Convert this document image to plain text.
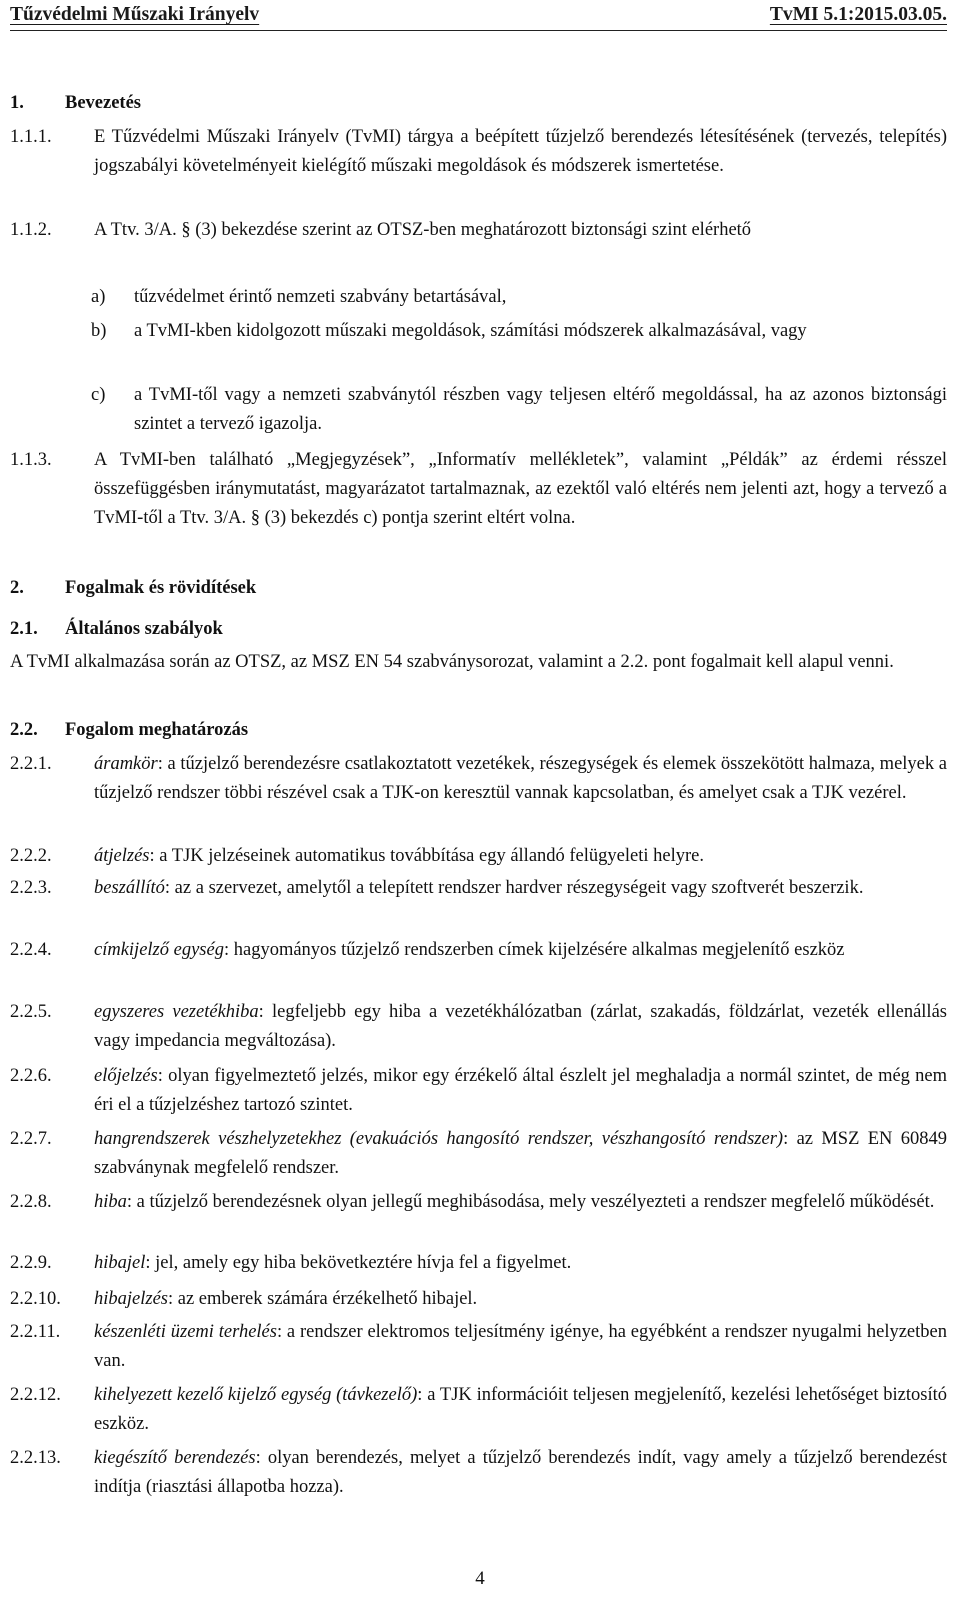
Tűzvédelmi Műszaki Irányelv	TvMI 5.1:2015.03.05.
1. Bevezetés
1.1.1. E Tűzvédelmi Műszaki Irányelv (TvMI) tárgya a beépített tűzjelző berendezés létesítésének (tervezés, telepítés) jogszabályi követelményeit kielégítő műszaki megoldások és módszerek ismertetése.
1.1.2. A Ttv. 3/A. § (3) bekezdése szerint az OTSZ-ben meghatározott biztonsági szint elérhető
a) tűzvédelmet érintő nemzeti szabvány betartásával,
b) a TvMI-kben kidolgozott műszaki megoldások, számítási módszerek alkalmazásával, vagy
c) a TvMI-től vagy a nemzeti szabványtól részben vagy teljesen eltérő megoldással, ha az azonos biztonsági szintet a tervező igazolja.
1.1.3. A TvMI-ben található „Megjegyzések”, „Informatív mellékletek”, valamint „Példák” az érdemi résszel összefüggésben iránymutatást, magyarázatot tartalmaznak, az ezektől való eltérés nem jelenti azt, hogy a tervező a TvMI-től a Ttv. 3/A. § (3) bekezdés c) pontja szerint eltért volna.
2. Fogalmak és rövidítések
2.1. Általános szabályok
A TvMI alkalmazása során az OTSZ, az MSZ EN 54 szabványsorozat, valamint a 2.2. pont fogalmait kell alapul venni.
2.2. Fogalom meghatározás
2.2.1. áramkör: a tűzjelző berendezésre csatlakoztatott vezetékek, részegységek és elemek összekötött halmaza, melyek a tűzjelző rendszer többi részével csak a TJK-on keresztül vannak kapcsolatban, és amelyet csak a TJK vezérel.
2.2.2. átjelzés: a TJK jelzéseinek automatikus továbbítása egy állandó felügyeleti helyre.
2.2.3. beszállító: az a szervezet, amelytől a telepített rendszer hardver részegységeit vagy szoftverét beszerzik.
2.2.4. címkijelző egység: hagyományos tűzjelző rendszerben címek kijelzésére alkalmas megjelenítő eszköz
2.2.5. egyszeres vezetékhiba: legfeljebb egy hiba a vezetékhálózatban (zárlat, szakadás, földzárlat, vezeték ellenállás vagy impedancia megváltozása).
2.2.6. előjelzés: olyan figyelmeztető jelzés, mikor egy érzékelő által észlelt jel meghaladja a normál szintet, de még nem éri el a tűzjelzéshez tartozó szintet.
2.2.7. hangrendszerek vészhelyzetekhez (evakuációs hangosító rendszer, vészhangosító rendszer): az MSZ EN 60849 szabványnak megfelelő rendszer.
2.2.8. hiba: a tűzjelző berendezésnek olyan jellegű meghibásodása, mely veszélyezteti a rendszer megfelelő működését.
2.2.9. hibajel: jel, amely egy hiba bekövetkeztére hívja fel a figyelmet.
2.2.10. hibajelzés: az emberek számára érzékelhető hibajel.
2.2.11. készenléti üzemi terhelés: a rendszer elektromos teljesítmény igénye, ha egyébként a rendszer nyugalmi helyzetben van.
2.2.12. kihelyezett kezelő kijelző egység (távkezelő): a TJK információit teljesen megjelenítő, kezelési lehetőséget biztosító eszköz.
2.2.13. kiegészítő berendezés: olyan berendezés, melyet a tűzjelző berendezés indít, vagy amely a tűzjelző berendezést indítja (riasztási állapotba hozza).
4
